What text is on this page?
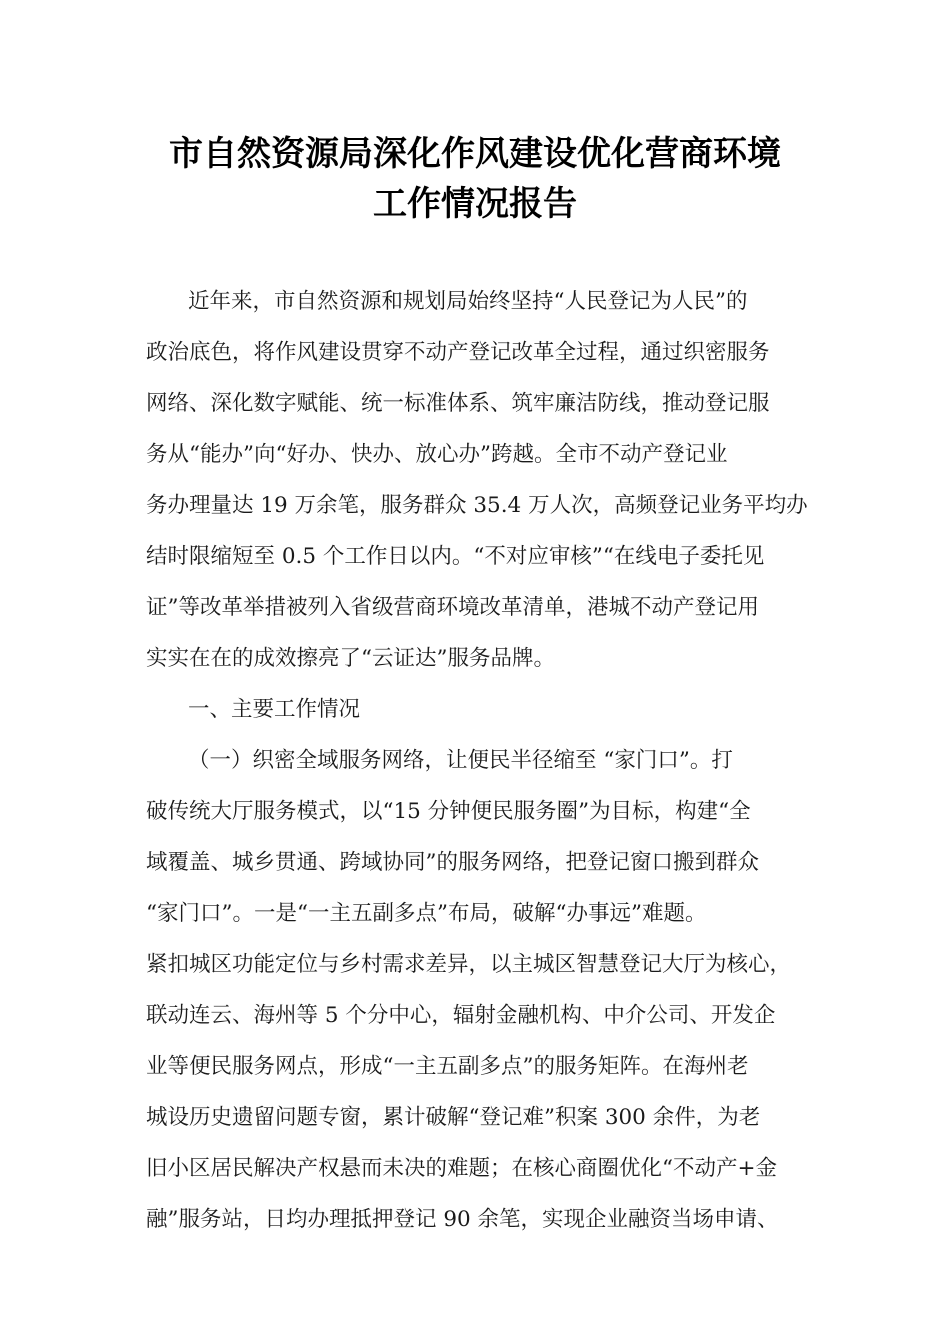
市自然资源局深化作风建设优化营商环境
工作情况报告
近年来，市自然资源和规划局始终坚持“人民登记为人民”的
政治底色，将作风建设贯穿不动产登记改革全过程，通过织密服务
网络、深化数字赋能、统一标准体系、筑牢廉洁防线，推动登记服
务从“能办”向“好办、快办、放心办”跨越。全市不动产登记业
务办理量达 19 万余笔，服务群众 35.4 万人次，高频登记业务平均办
结时限缩短至 0.5 个工作日以内。“不对应审核”“在线电子委托见
证”等改革举措被列入省级营商环境改革清单，港城不动产登记用
实实在在的成效擦亮了“云证达”服务品牌。
一、主要工作情况
（一）织密全域服务网络，让便民半径缩至 “家门口”。打
破传统大厅服务模式，以“15 分钟便民服务圈”为目标，构建“全
域覆盖、城乡贯通、跨域协同”的服务网络，把登记窗口搬到群众
“家门口”。一是“一主五副多点”布局，破解“办事远”难题。
紧扣城区功能定位与乡村需求差异，以主城区智慧登记大厅为核心，
联动连云、海州等 5 个分中心，辐射金融机构、中介公司、开发企
业等便民服务网点，形成“一主五副多点”的服务矩阵。在海州老
城设历史遗留问题专窗，累计破解“登记难”积案 300 余件，为老
旧小区居民解决产权悬而未决的难题；在核心商圈优化“不动产+金
融”服务站，日均办理抵押登记 90 余笔，实现企业融资当场申请、
